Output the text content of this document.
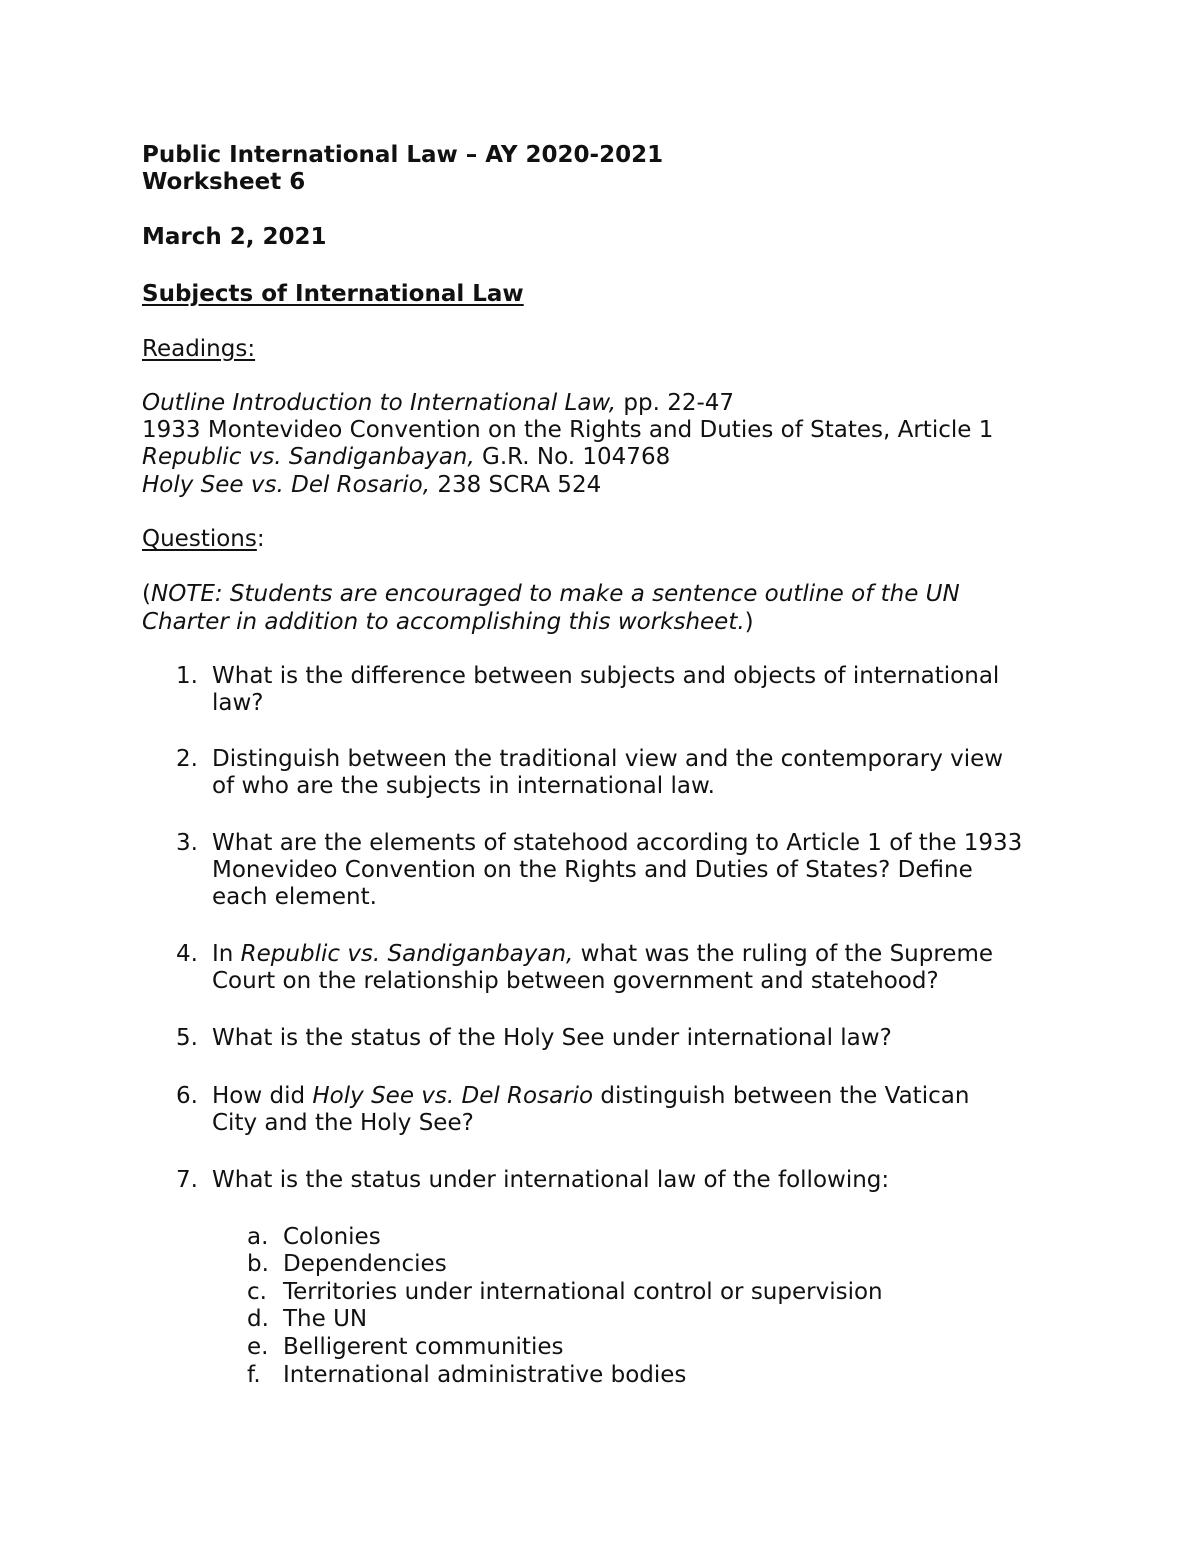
Public International Law – AY 2020-2021
Worksheet 6
March 2, 2021
Subjects of International Law
Readings:
Outline Introduction to International Law, pp. 22-47
1933 Montevideo Convention on the Rights and Duties of States, Article 1
Republic vs. Sandiganbayan, G.R. No. 104768
Holy See vs. Del Rosario, 238 SCRA 524
Questions:
(NOTE: Students are encouraged to make a sentence outline of the UN
Charter in addition to accomplishing this worksheet.)
1. What is the difference between subjects and objects of international
law?
2. Distinguish between the traditional view and the contemporary view
of who are the subjects in international law.
3. What are the elements of statehood according to Article 1 of the 1933
Monevideo Convention on the Rights and Duties of States? Define
each element.
4. In Republic vs. Sandiganbayan, what was the ruling of the Supreme
Court on the relationship between government and statehood?
5. What is the status of the Holy See under international law?
6. How did Holy See vs. Del Rosario distinguish between the Vatican
City and the Holy See?
7. What is the status under international law of the following:
a. Colonies
b. Dependencies
c. Territories under international control or supervision
d. The UN
e. Belligerent communities
f. International administrative bodies
